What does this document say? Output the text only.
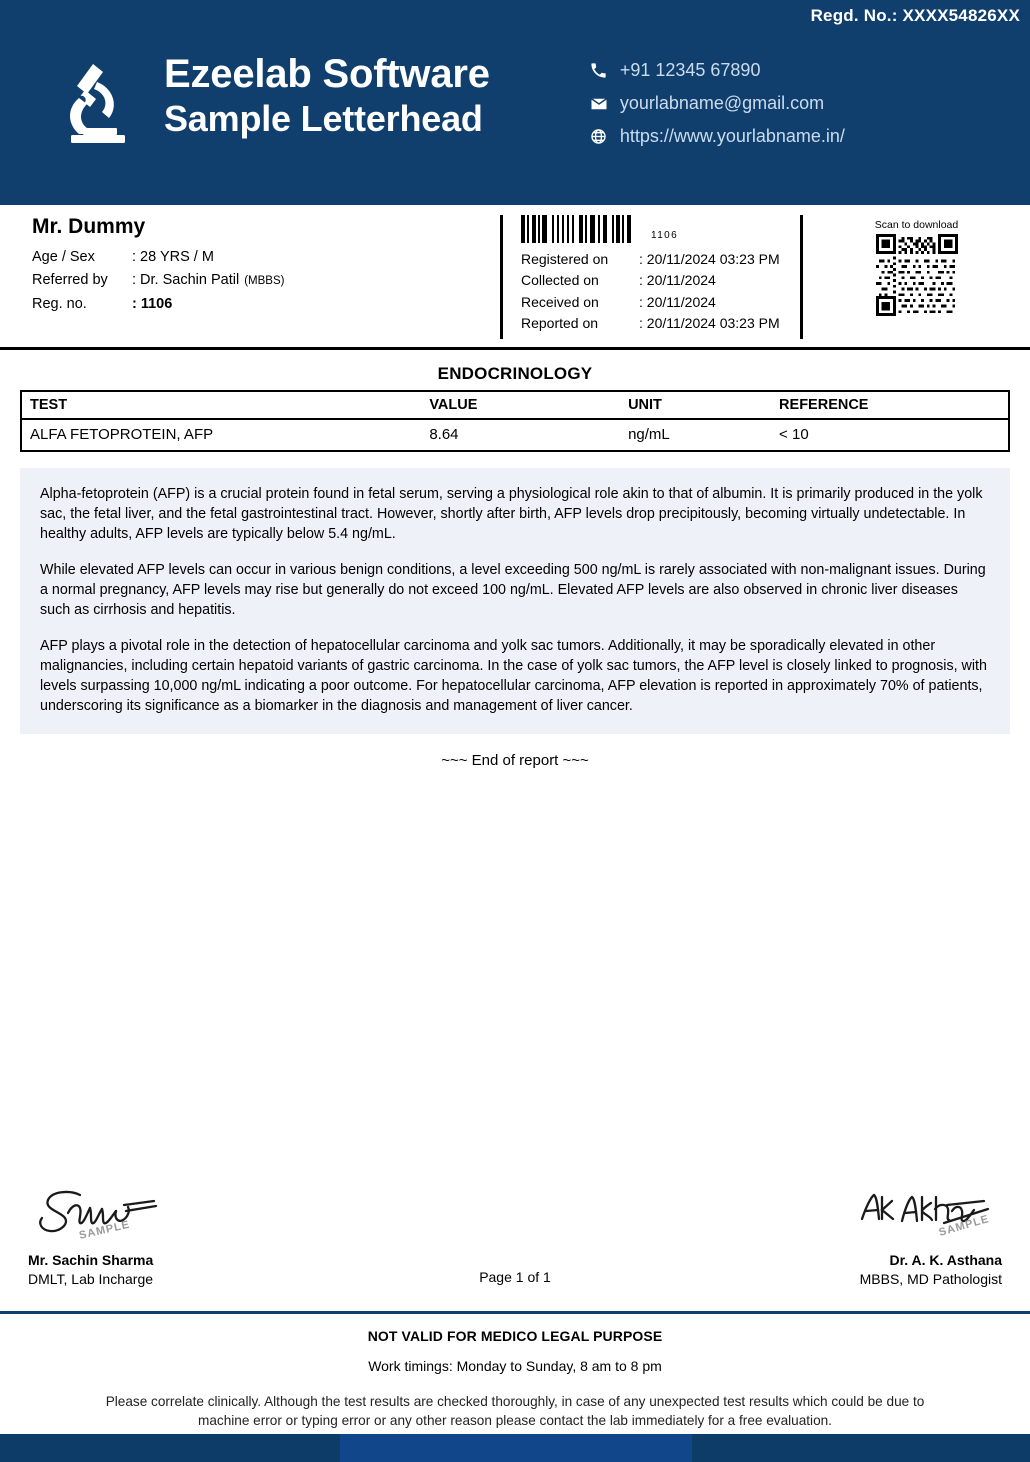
Regd. No.: XXXX54826XX
Ezeelab Software
Sample Letterhead
+91 12345 67890
yourlabname@gmail.com
https://www.yourlabname.in/
Mr. Dummy
Age / Sex	: 28 YRS / M
Referred by	: Dr. Sachin Patil (MBBS)
Reg. no.	: 1106
1106
Registered on	: 20/11/2024 03:23 PM
Collected on	: 20/11/2024
Received on	: 20/11/2024
Reported on	: 20/11/2024 03:23 PM
Scan to download
ENDOCRINOLOGY
TEST	VALUE	UNIT	REFERENCE
ALFA FETOPROTEIN, AFP	8.64	ng/mL	< 10

Alpha-fetoprotein (AFP) is a crucial protein found in fetal serum, serving a physiological role akin to that of albumin. It is primarily produced in the yolk sac, the fetal liver, and the fetal gastrointestinal tract. However, shortly after birth, AFP levels drop precipitously, becoming virtually undetectable. In healthy adults, AFP levels are typically below 5.4 ng/mL.

While elevated AFP levels can occur in various benign conditions, a level exceeding 500 ng/mL is rarely associated with non-malignant issues. During a normal pregnancy, AFP levels may rise but generally do not exceed 100 ng/mL. Elevated AFP levels are also observed in chronic liver diseases such as cirrhosis and hepatitis.

AFP plays a pivotal role in the detection of hepatocellular carcinoma and yolk sac tumors. Additionally, it may be sporadically elevated in other malignancies, including certain hepatoid variants of gastric carcinoma. In the case of yolk sac tumors, the AFP level is closely linked to prognosis, with levels surpassing 10,000 ng/mL indicating a poor outcome. For hepatocellular carcinoma, AFP elevation is reported in approximately 70% of patients, underscoring its significance as a biomarker in the diagnosis and management of liver cancer.

~~~ End of report ~~~
SAMPLE
Mr. Sachin Sharma
DMLT, Lab Incharge	Page 1 of 1
SAMPLE
Dr. A. K. Asthana
MBBS, MD Pathologist
NOT VALID FOR MEDICO LEGAL PURPOSE
Work timings: Monday to Sunday, 8 am to 8 pm
Please correlate clinically. Although the test results are checked thoroughly, in case of any unexpected test results which could be due to machine error or typing error or any other reason please contact the lab immediately for a free evaluation.
